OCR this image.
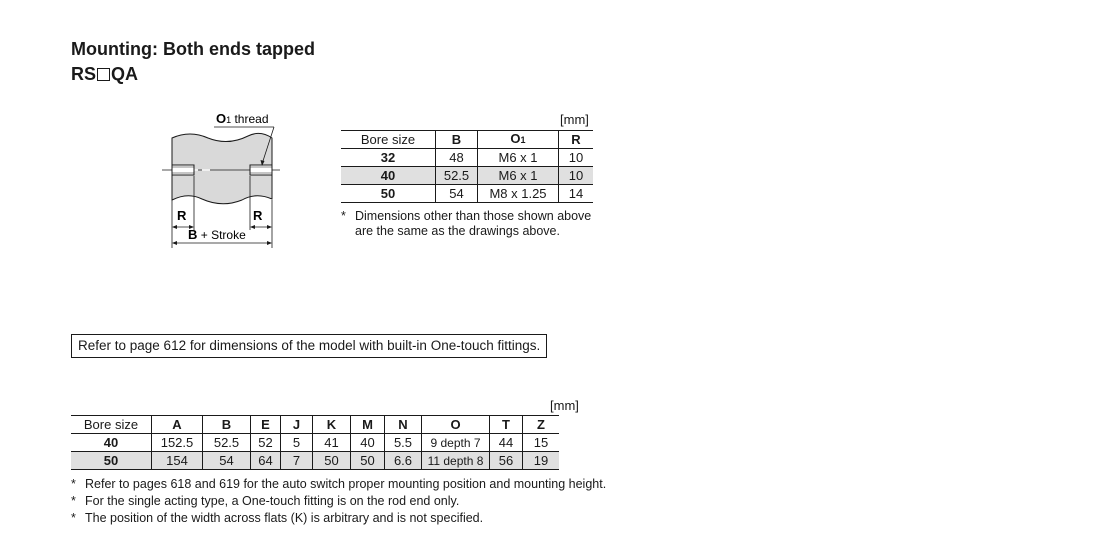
Mounting: Both ends tapped
RS QA
O1 thread
R	R
B + Stroke
[mm]
Bore size	B	O1	R
32	48	M6 x 1	10
40	52.5	M6 x 1	10
50	54	M8 x 1.25	14
* Dimensions other than those shown above
are the same as the drawings above.
Refer to page 612 for dimensions of the model with built-in One-touch fittings.
[mm]
Bore size	A	B	E	J	K	M	N	O	T	Z
40	152.5	52.5	52	5	41	40	5.5	9 depth 7	44	15
50	154	54	64	7	50	50	6.6	11 depth 8	56	19
* Refer to pages 618 and 619 for the auto switch proper mounting position and mounting height.
* For the single acting type, a One-touch fitting is on the rod end only.
* The position of the width across flats (K) is arbitrary and is not specified.
